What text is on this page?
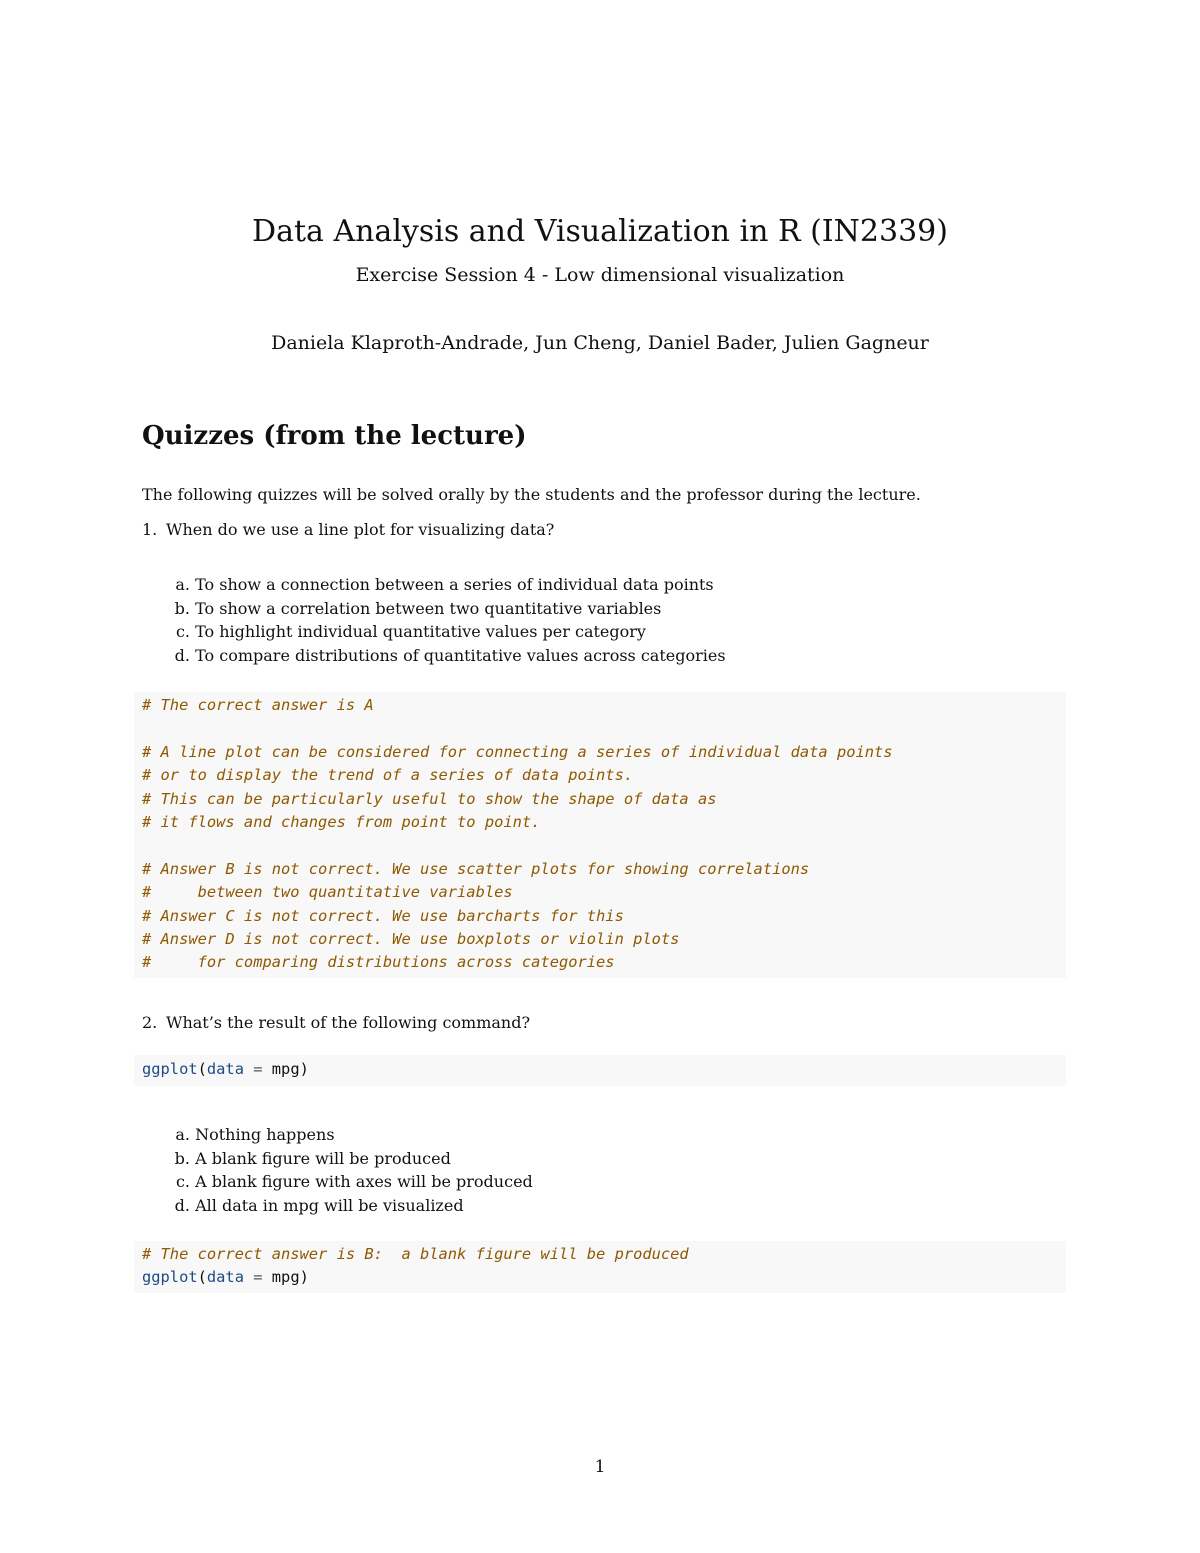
Data Analysis and Visualization in R (IN2339)
Exercise Session 4 - Low dimensional visualization
Daniela Klaproth-Andrade, Jun Cheng, Daniel Bader, Julien Gagneur
Quizzes (from the lecture)
The following quizzes will be solved orally by the students and the professor during the lecture.
1. When do we use a line plot for visualizing data?
a. To show a connection between a series of individual data points
b. To show a correlation between two quantitative variables
c. To highlight individual quantitative values per category
d. To compare distributions of quantitative values across categories
# The correct answer is A
# A line plot can be considered for connecting a series of individual data points
# or to display the trend of a series of data points.
# This can be particularly useful to show the shape of data as
# it flows and changes from point to point.
# Answer B is not correct. We use scatter plots for showing correlations
#     between two quantitative variables
# Answer C is not correct. We use barcharts for this
# Answer D is not correct. We use boxplots or violin plots
#     for comparing distributions across categories
2. What’s the result of the following command?
ggplot(data = mpg)
a. Nothing happens
b. A blank figure will be produced
c. A blank figure with axes will be produced
d. All data in mpg will be visualized
# The correct answer is B:  a blank figure will be produced
ggplot(data = mpg)
1
